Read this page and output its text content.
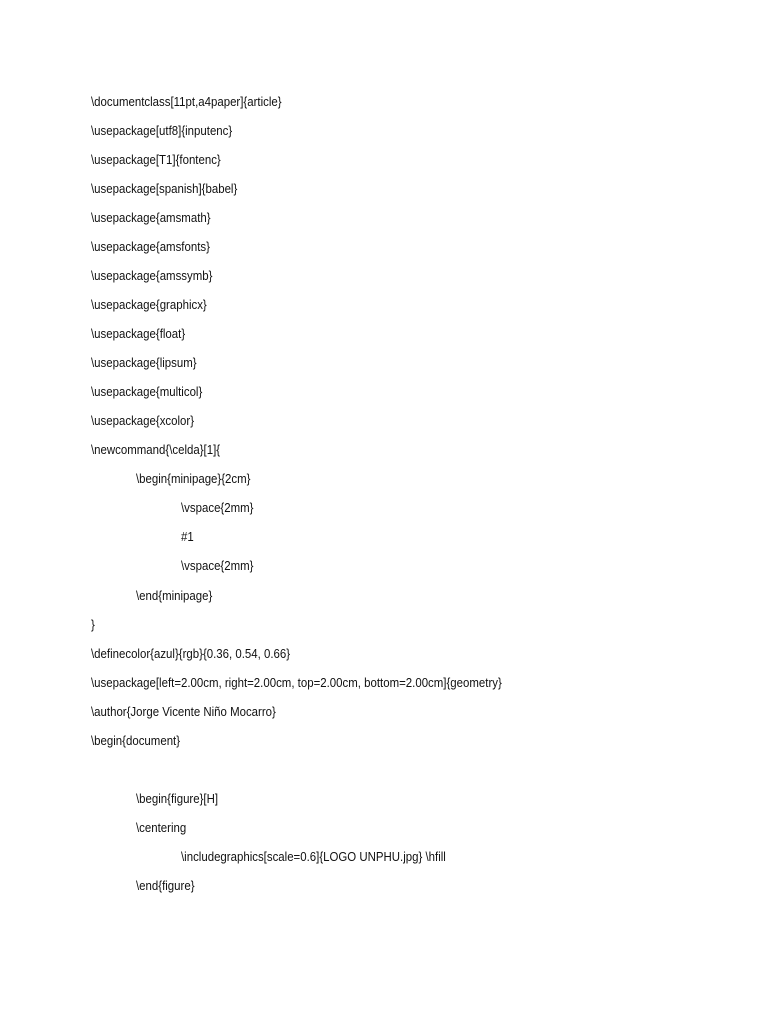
\documentclass[11pt,a4paper]{article}
\usepackage[utf8]{inputenc}
\usepackage[T1]{fontenc}
\usepackage[spanish]{babel}
\usepackage{amsmath}
\usepackage{amsfonts}
\usepackage{amssymb}
\usepackage{graphicx}
\usepackage{float}
\usepackage{lipsum}
\usepackage{multicol}
\usepackage{xcolor}
\newcommand{\celda}[1]{
\begin{minipage}{2cm}
\vspace{2mm}
#1
\vspace{2mm}
\end{minipage}
}
\definecolor{azul}{rgb}{0.36, 0.54, 0.66}
\usepackage[left=2.00cm, right=2.00cm, top=2.00cm, bottom=2.00cm]{geometry}
\author{Jorge Vicente Niño Mocarro}
\begin{document}
\begin{figure}[H]
\centering
\includegraphics[scale=0.6]{LOGO UNPHU.jpg} \hfill
\end{figure}
